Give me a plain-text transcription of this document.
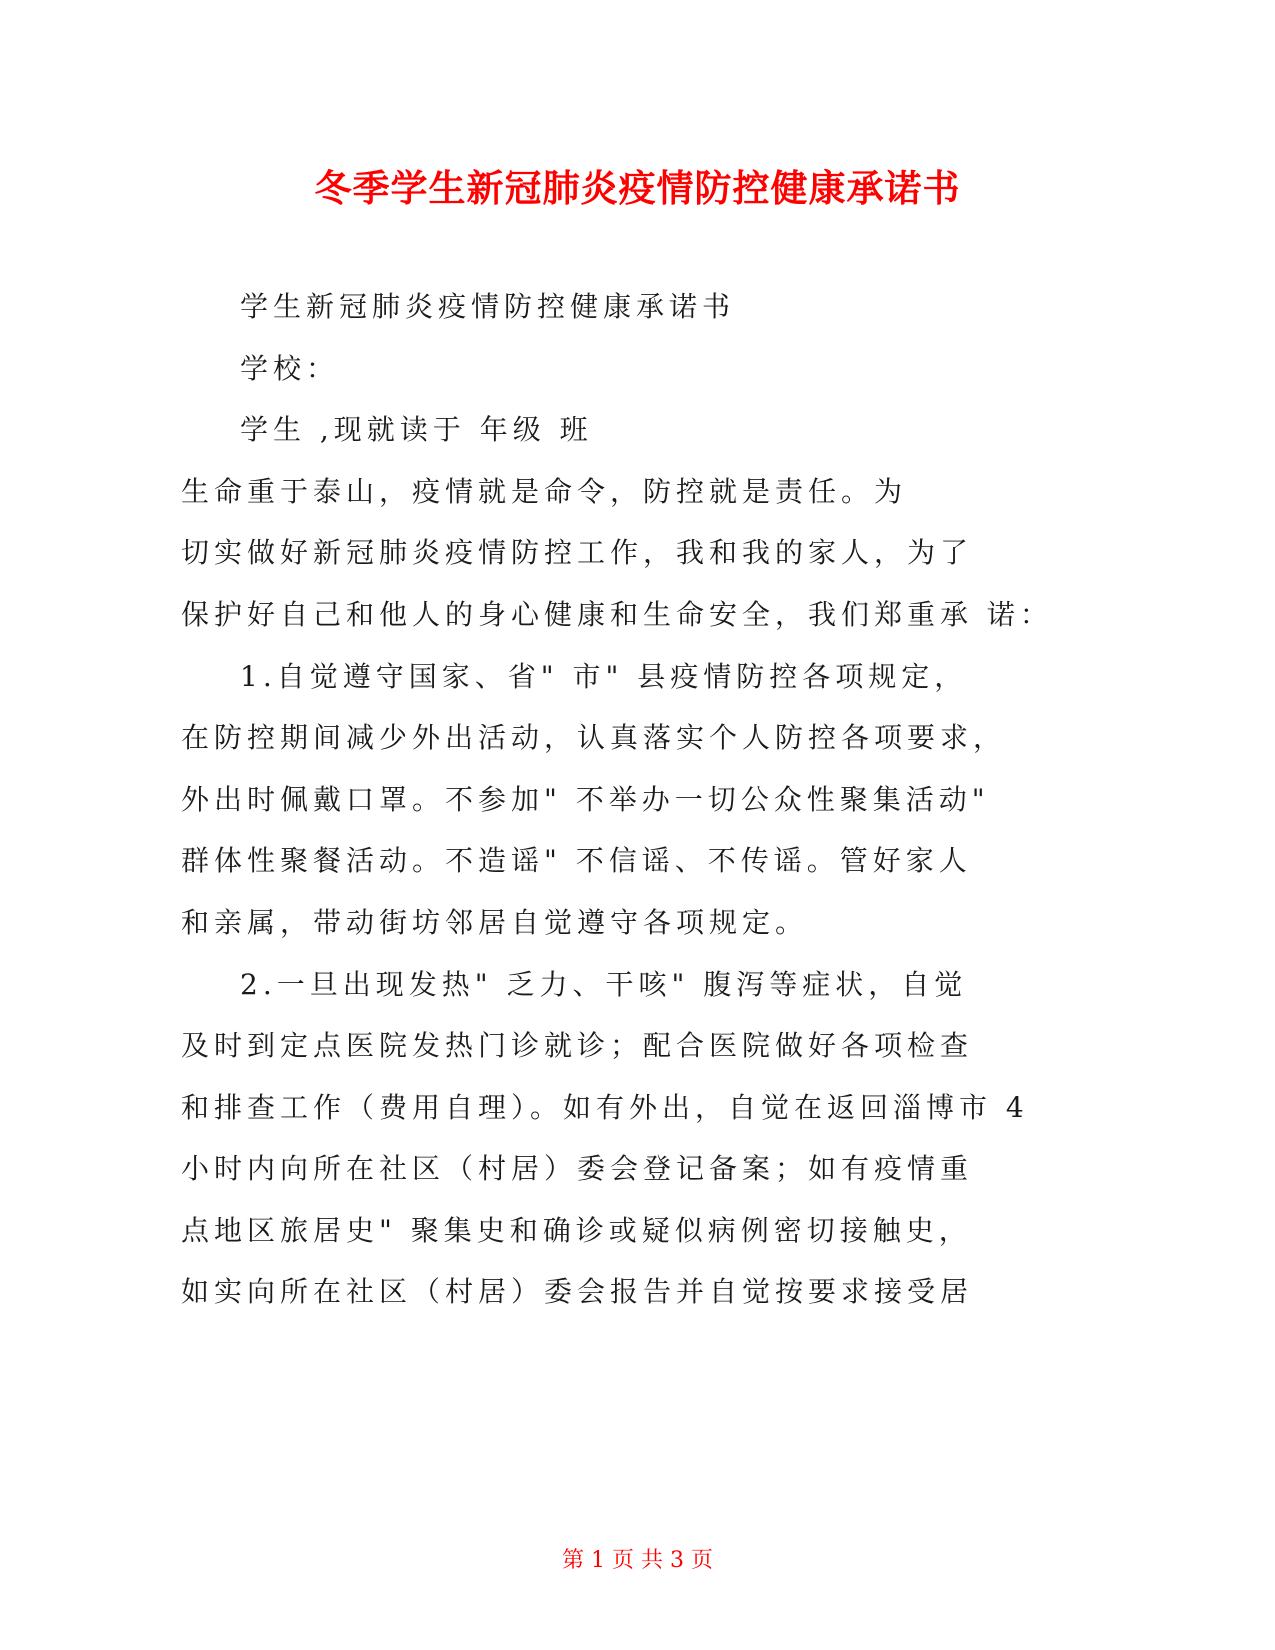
冬季学生新冠肺炎疫情防控健康承诺书
学生新冠肺炎疫情防控健康承诺书
学校：
学生 ,现就读于 年级 班
生命重于泰山，疫情就是命令，防控就是责任。为
切实做好新冠肺炎疫情防控工作，我和我的家人，为了
保护好自己和他人的身心健康和生命安全，我们郑重承 诺：
1.自觉遵守国家、省" 市" 县疫情防控各项规定，
在防控期间减少外出活动，认真落实个人防控各项要求，
外出时佩戴口罩。不参加" 不举办一切公众性聚集活动"
群体性聚餐活动。不造谣" 不信谣、不传谣。管好家人
和亲属，带动街坊邻居自觉遵守各项规定。
2.一旦出现发热" 乏力、干咳" 腹泻等症状，自觉
及时到定点医院发热门诊就诊；配合医院做好各项检查
和排查工作（费用自理）。如有外出，自觉在返回淄博市 4
小时内向所在社区（村居）委会登记备案；如有疫情重
点地区旅居史" 聚集史和确诊或疑似病例密切接触史，
如实向所在社区（村居）委会报告并自觉按要求接受居
第 1 页 共 3 页
